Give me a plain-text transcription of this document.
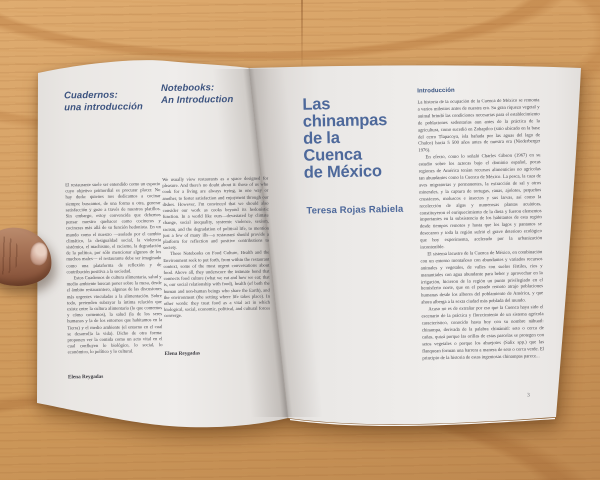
Cuadernos:
una introducción
Notebooks:
An Introduction

El restaurante suele ser entendido como un espacio cuyo objetivo primordial es procurar placer. No hay duda: quienes nos dedicamos a cocinar siempre buscamos, de una forma u otra, generar satisfacción y gozo a través de nuestros platillos. Sin embargo, estoy convencida que debemos pensar nuestro quehacer como cocineros y cocineras más allá de su función hedonista. En un mundo como el nuestro —asolado por el cambio climático, la desigualdad social, la violencia sistémica, el machismo, el racismo, la degradación de la política, por sólo mencionar algunos de los muchos males— el restaurante debe ser imaginado como una plataforma de reflexión y de contribución positiva a la sociedad.

Estos Cuadernos de cultura alimentaria, salud y medio ambiente buscan poner sobre la mesa, desde el ámbito restaurantero, algunas de las discusiones más urgentes vinculadas a la alimentación. Sobre todo, pretenden subrayar la íntima relación que existe entre la cultura alimentaria (lo que comemos y cómo comemos), la salud (la de los seres humanos y la de los entornos que habitamos en la Tierra) y el medio ambiente (el entorno en el cual se desarrolla la vida). Dicho de otra forma: proponen ver la comida como un acto vital en el cual confluyen lo biológico, lo social, lo económico, lo político y lo cultural.

Elena Reygadas

We usually view restaurants as a space designed for pleasure. And there's no doubt about it: those of us who cook for a living are always trying, in one way or another, to foster satisfaction and enjoyment through our dishes. However, I'm convinced that we should also consider our work as cooks beyond its hedonistic function. In a world like ours—devastated by climate change, social inequality, systemic violence, sexism, racism, and the degradation of political life, to mention just a few of many ills—a restaurant should provide a platform for reflection and positive contributions to society.

These Notebooks on Food Culture, Health and the Environment seek to put forth, from within the restaurant context, some of the most urgent conversations about food. Above all, they underscore the intimate bond that connects food culture (what we eat and how we eat; that is, our social relationship with food), health (of both the human and non-human beings who share the Earth), and the environment (the setting where life takes place). In other words: they treat food as a vital act in which biological, social, economic, political, and cultural forces converge.

Elena Reygadas
Las
chinampas
de la
Cuenca
de México
Teresa Rojas Rabiela
Introducción

La historia de la ocupación de la Cuenca de México se remonta a varios milenios antes de nuestra era. Su gran riqueza vegetal y animal brindó las condiciones necesarias para el establecimiento de poblaciones sedentarias aun antes de la práctica de la agricultura, como sucedió en Zohapilco (sitio ubicado en la base del cerro Tlapacoya, isla bañada por las aguas del lago de Chalco) hacia 5 500 años antes de nuestra era (Niederberger 1976).

En efecto, como lo señaló Charles Gibson (1967) en su estudio sobre los aztecas bajo el dominio español, pocas regiones de América tenían recursos alimenticios no agrícolas tan abundantes como la Cuenca de México. La pesca, la caza de aves migratorias y permanentes, la extracción de sal y otros minerales, y la captura de tortugas, ranas, ajolotes, pequeños crustáceos, moluscos e insectos y sus larvas, así como la recolección de algas y numerosas plantas acuáticas, constituyeron el enriquecimiento de la dieta y fueron elementos importantes en la subsistencia de los habitantes de esta región desde tiempos remotos y hasta que los lagos y pantanos se desecaron y toda la región sufrió el grave deterioro ecológico que hoy experimenta, acelerado por la urbanización incontenible.

El sistema lacustre de la Cuenca de México, en combinación con un entorno montañoso con abundantes y variados recursos animales y vegetales, de valles con suelos fértiles, ríos y manantiales con agua abundante para beber y aprovechar en la irrigación, hicieron de la región un punto privilegiado en el hemisferio norte, que en el pasado remoto atrajo poblaciones humanas desde los albores del poblamiento de América, y que ahora alberga a la sexta ciudad más poblada del mundo.

Acaso no es de extrañar por eso que la Cuenca haya sido el escenario de la práctica y florecimiento de un sistema agrícola característico, conocido hasta hoy con su nombre náhuatl: chinampa, derivada de la palabra chinámitl: seto o cerca de cañas, quizá porque las orillas de estas parcelas se protegen con setos vegetales o porque los ahuejotes (Salix spp.) que las flanquean forman una barrera a manera de seto o cerca verde. El principio de la historia de estas ingeniosas chinampas parece...

3
